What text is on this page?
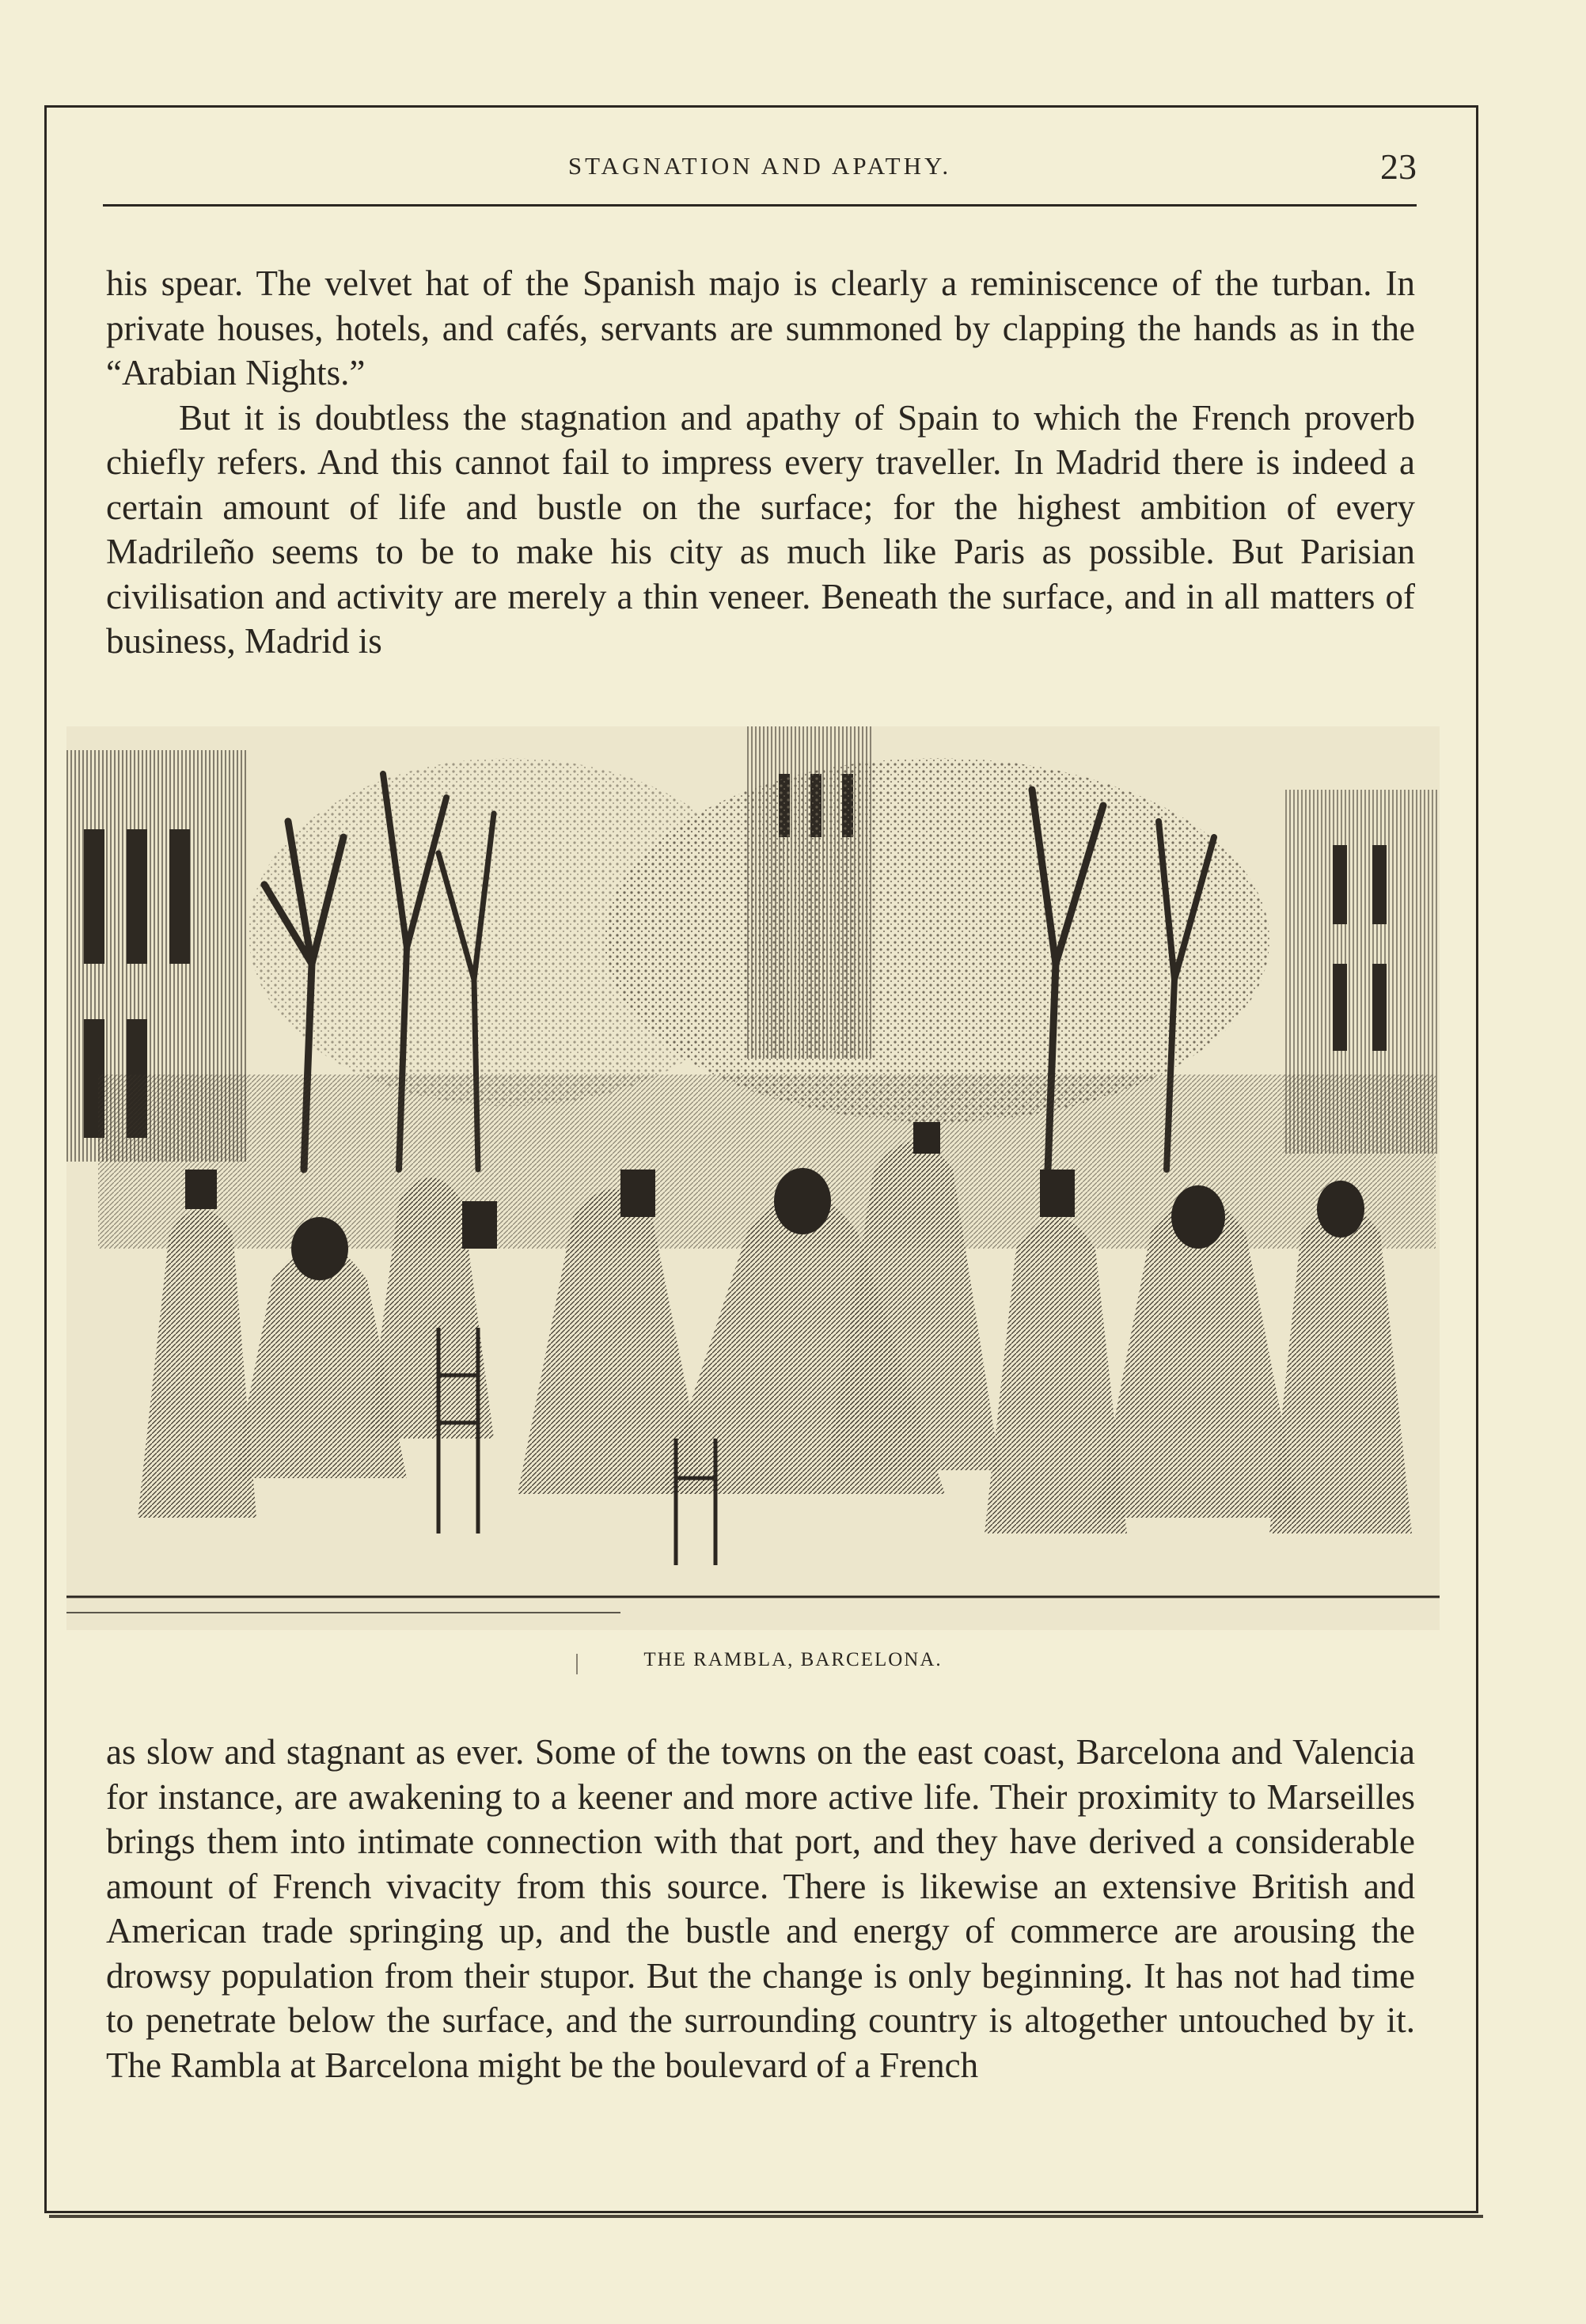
STAGNATION AND APATHY.	23

his spear. The velvet hat of the Spanish majo is clearly a reminiscence of the turban. In private houses, hotels, and cafés, servants are summoned by clapping the hands as in the “Arabian Nights.”

But it is doubtless the stagnation and apathy of Spain to which the French proverb chiefly refers. And this cannot fail to impress every traveller. In Madrid there is indeed a certain amount of life and bustle on the surface; for the highest ambition of every Madrileño seems to be to make his city as much like Paris as possible. But Parisian civilisation and activity are merely a thin veneer. Beneath the surface, and in all matters of business, Madrid is

THE RAMBLA, BARCELONA.

as slow and stagnant as ever. Some of the towns on the east coast, Barcelona and Valencia for instance, are awakening to a keener and more active life. Their proximity to Marseilles brings them into intimate connection with that port, and they have derived a considerable amount of French vivacity from this source. There is likewise an extensive British and American trade springing up, and the bustle and energy of commerce are arousing the drowsy population from their stupor. But the change is only beginning. It has not had time to penetrate below the surface, and the surrounding country is altogether untouched by it. The Rambla at Barcelona might be the boulevard of a French
